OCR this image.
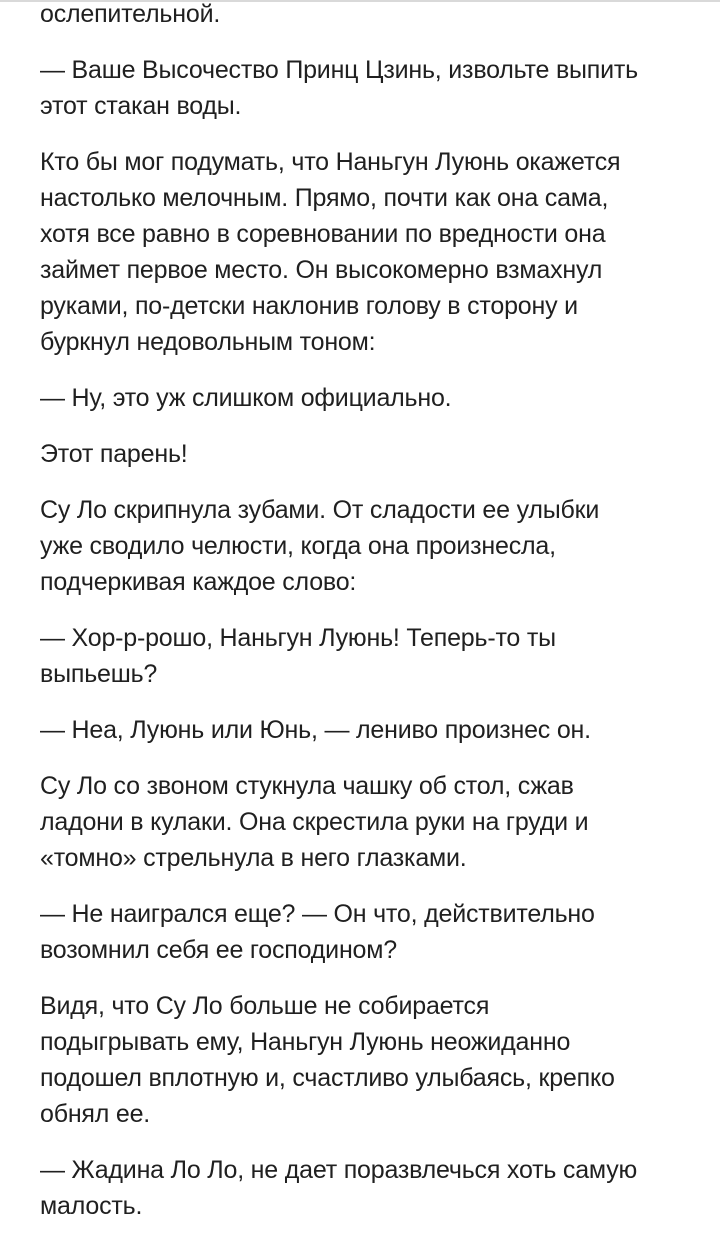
ослепительной.

— Ваше Высочество Принц Цзинь, извольте выпить
этот стакан воды.

Кто бы мог подумать, что Наньгун Луюнь окажется
настолько мелочным. Прямо, почти как она сама,
хотя все равно в соревновании по вредности она
займет первое место. Он высокомерно взмахнул
руками, по-детски наклонив голову в сторону и
буркнул недовольным тоном:

— Ну, это уж слишком официально.

Этот парень!

Су Ло скрипнула зубами. От сладости ее улыбки
уже сводило челюсти, когда она произнесла,
подчеркивая каждое слово:

— Хор-р-рошо, Наньгун Луюнь! Теперь-то ты
выпьешь?

— Неа, Луюнь или Юнь, — лениво произнес он.

Су Ло со звоном стукнула чашку об стол, сжав
ладони в кулаки. Она скрестила руки на груди и
«томно» стрельнула в него глазками.

— Не наигрался еще? — Он что, действительно
возомнил себя ее господином?

Видя, что Су Ло больше не собирается
подыгрывать ему, Наньгун Луюнь неожиданно
подошел вплотную и, счастливо улыбаясь, крепко
обнял ее.

— Жадина Ло Ло, не дает поразвлечься хоть самую
малость.
